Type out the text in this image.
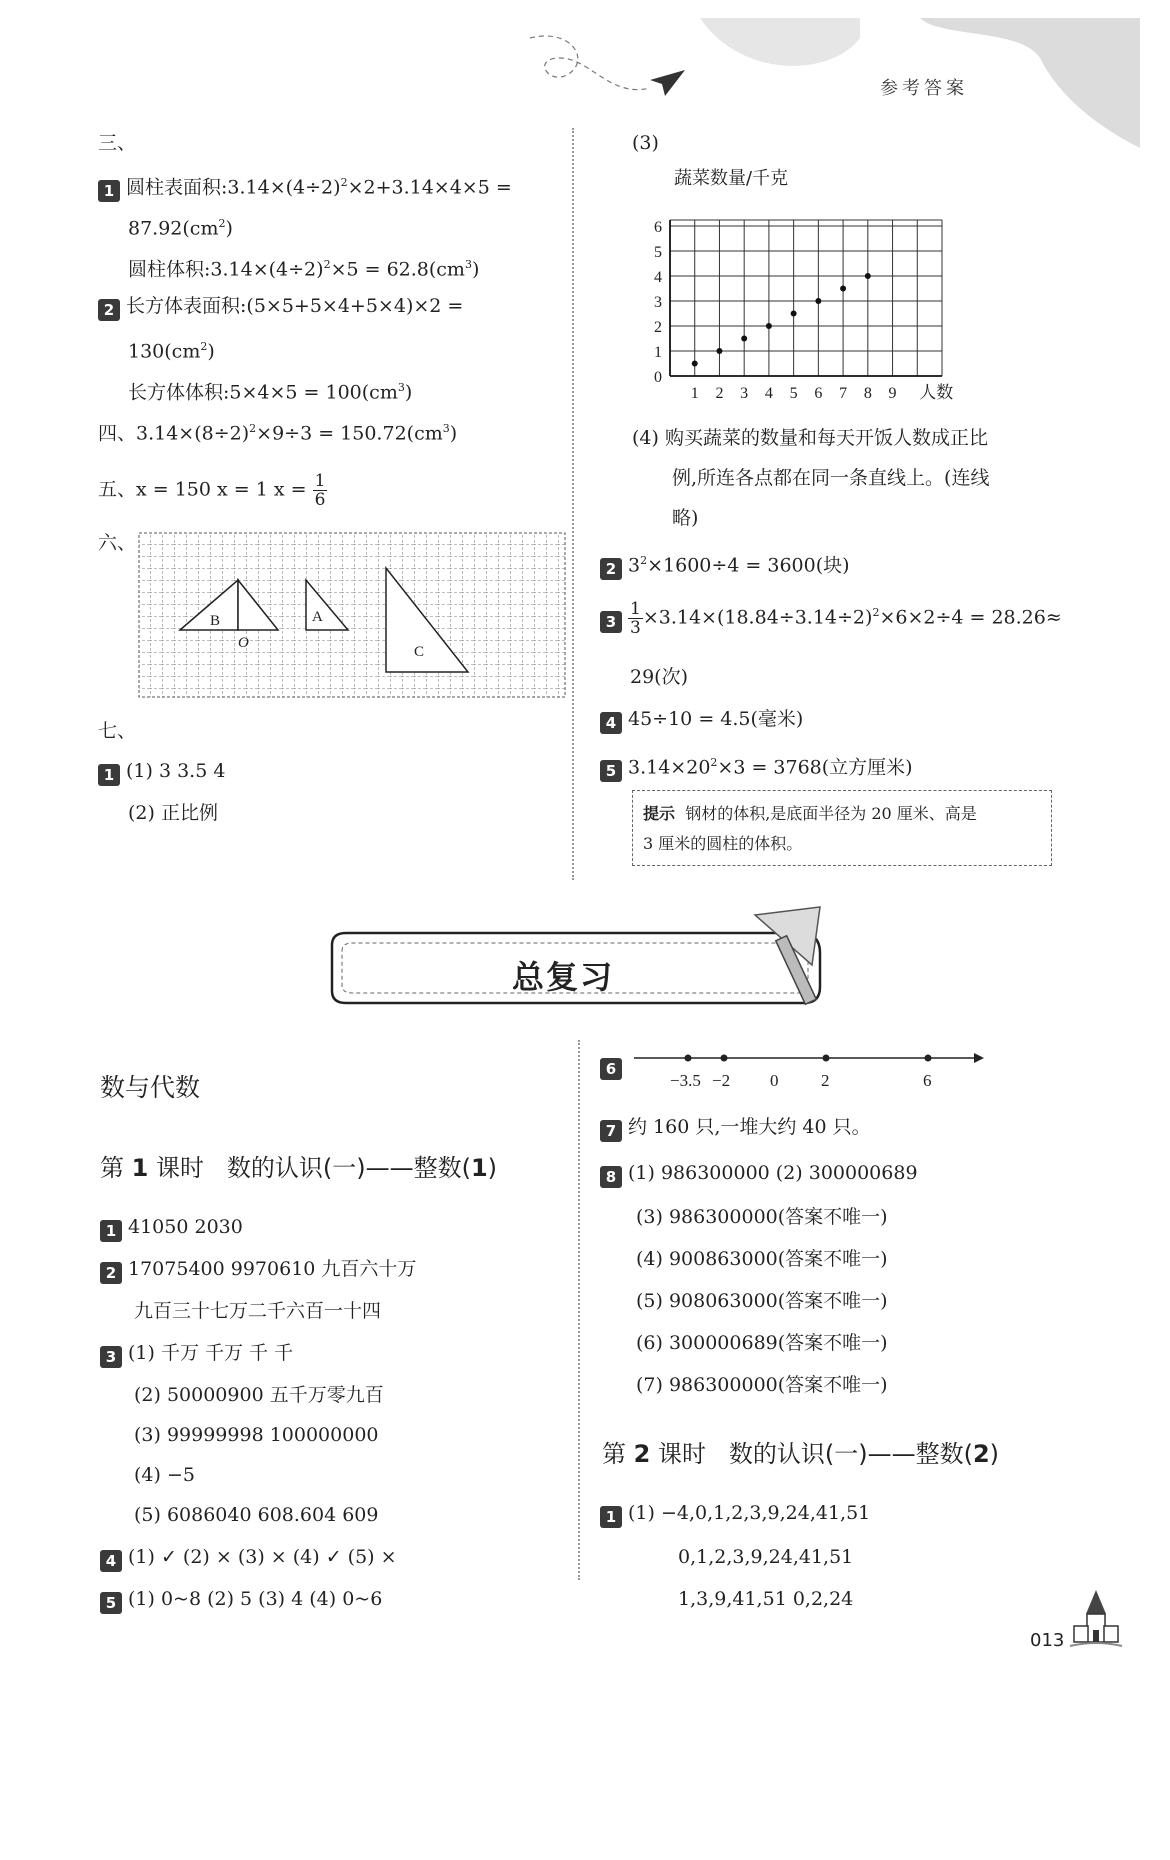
参考答案
三、
1 圆柱表面积$:3.14\times(4\div 2)^2\times 2+3.14\times 4\times 5$ =
$87.92(cm^2)$
圆柱体积$:3.14\times(4\div 2)^2\times 5 = 62.8(cm^3)$
2 长方体表面积:(5×5+5×4+5×4)×2 =
$130(cm^2)$
长方体体积:5×4×5 = $100(cm^3)$
四、$3.14\times(8\div 2)^2\times 9\div 3 = 150.72(cm^3)$
五、x = 150 x = 1 $x = \frac{1}{6}$
六、
B
O
A
C
七、
1 (1) 3 3.5 4
(2) 正比例
(3)
0
1
2
3
4
5
6
1 2 3 4 5 6 7 8 9 人数
蔬菜数量/千克
(4) 购买蔬菜的数量和每天开饭人数成正比
例,所连各点都在同一条直线上。(连线
略)
2 $3^2\times 1600\div 4 = 3600$(块)
$3 \frac{1}{3} \times 3.14\times(18.84\div 3.14\div 2)^2\times 6\times 2\div 4 = 28.26\approx$
29(次)
4 45÷10 = 4.5(毫米)
5 $3.14\times 20^2\times 3 = 3768$(立方厘米)
提示 钢材的体积,是底面半径为 20 厘米、高是
3 厘米的圆柱的体积。
总复习
数与代数
第 1 课时 数的认识(一)——整数(1)
1 41050 2030
2 17075400 9970610 九百六十万
九百三十七万二千六百一十四
3 (1) 千万 千万 千 千
(2) 50000900 五千万零九百
(3) 99999998 100000000
(4) −5
(5) 6086040 608.604 609
4 (1) ✓ (2) × (3) × (4) ✓ (5) ×
5 (1) 0~8 (2) 5 (3) 4 (4) 0~6
6
−3.5 −2 0	2	6
7 约 160 只,一堆大约 40 只。
8 (1) 986300000 (2) 300000689
(3) 986300000(答案不唯一)
(4) 900863000(答案不唯一)
(5) 908063000(答案不唯一)
(6) 300000689(答案不唯一)
(7) 986300000(答案不唯一)
第 2 课时 数的认识(一)——整数(2)
1 (1) −4,0,1,2,3,9,24,41,51
0,1,2,3,9,24,41,51
1,3,9,41,51 0,2,24
013
